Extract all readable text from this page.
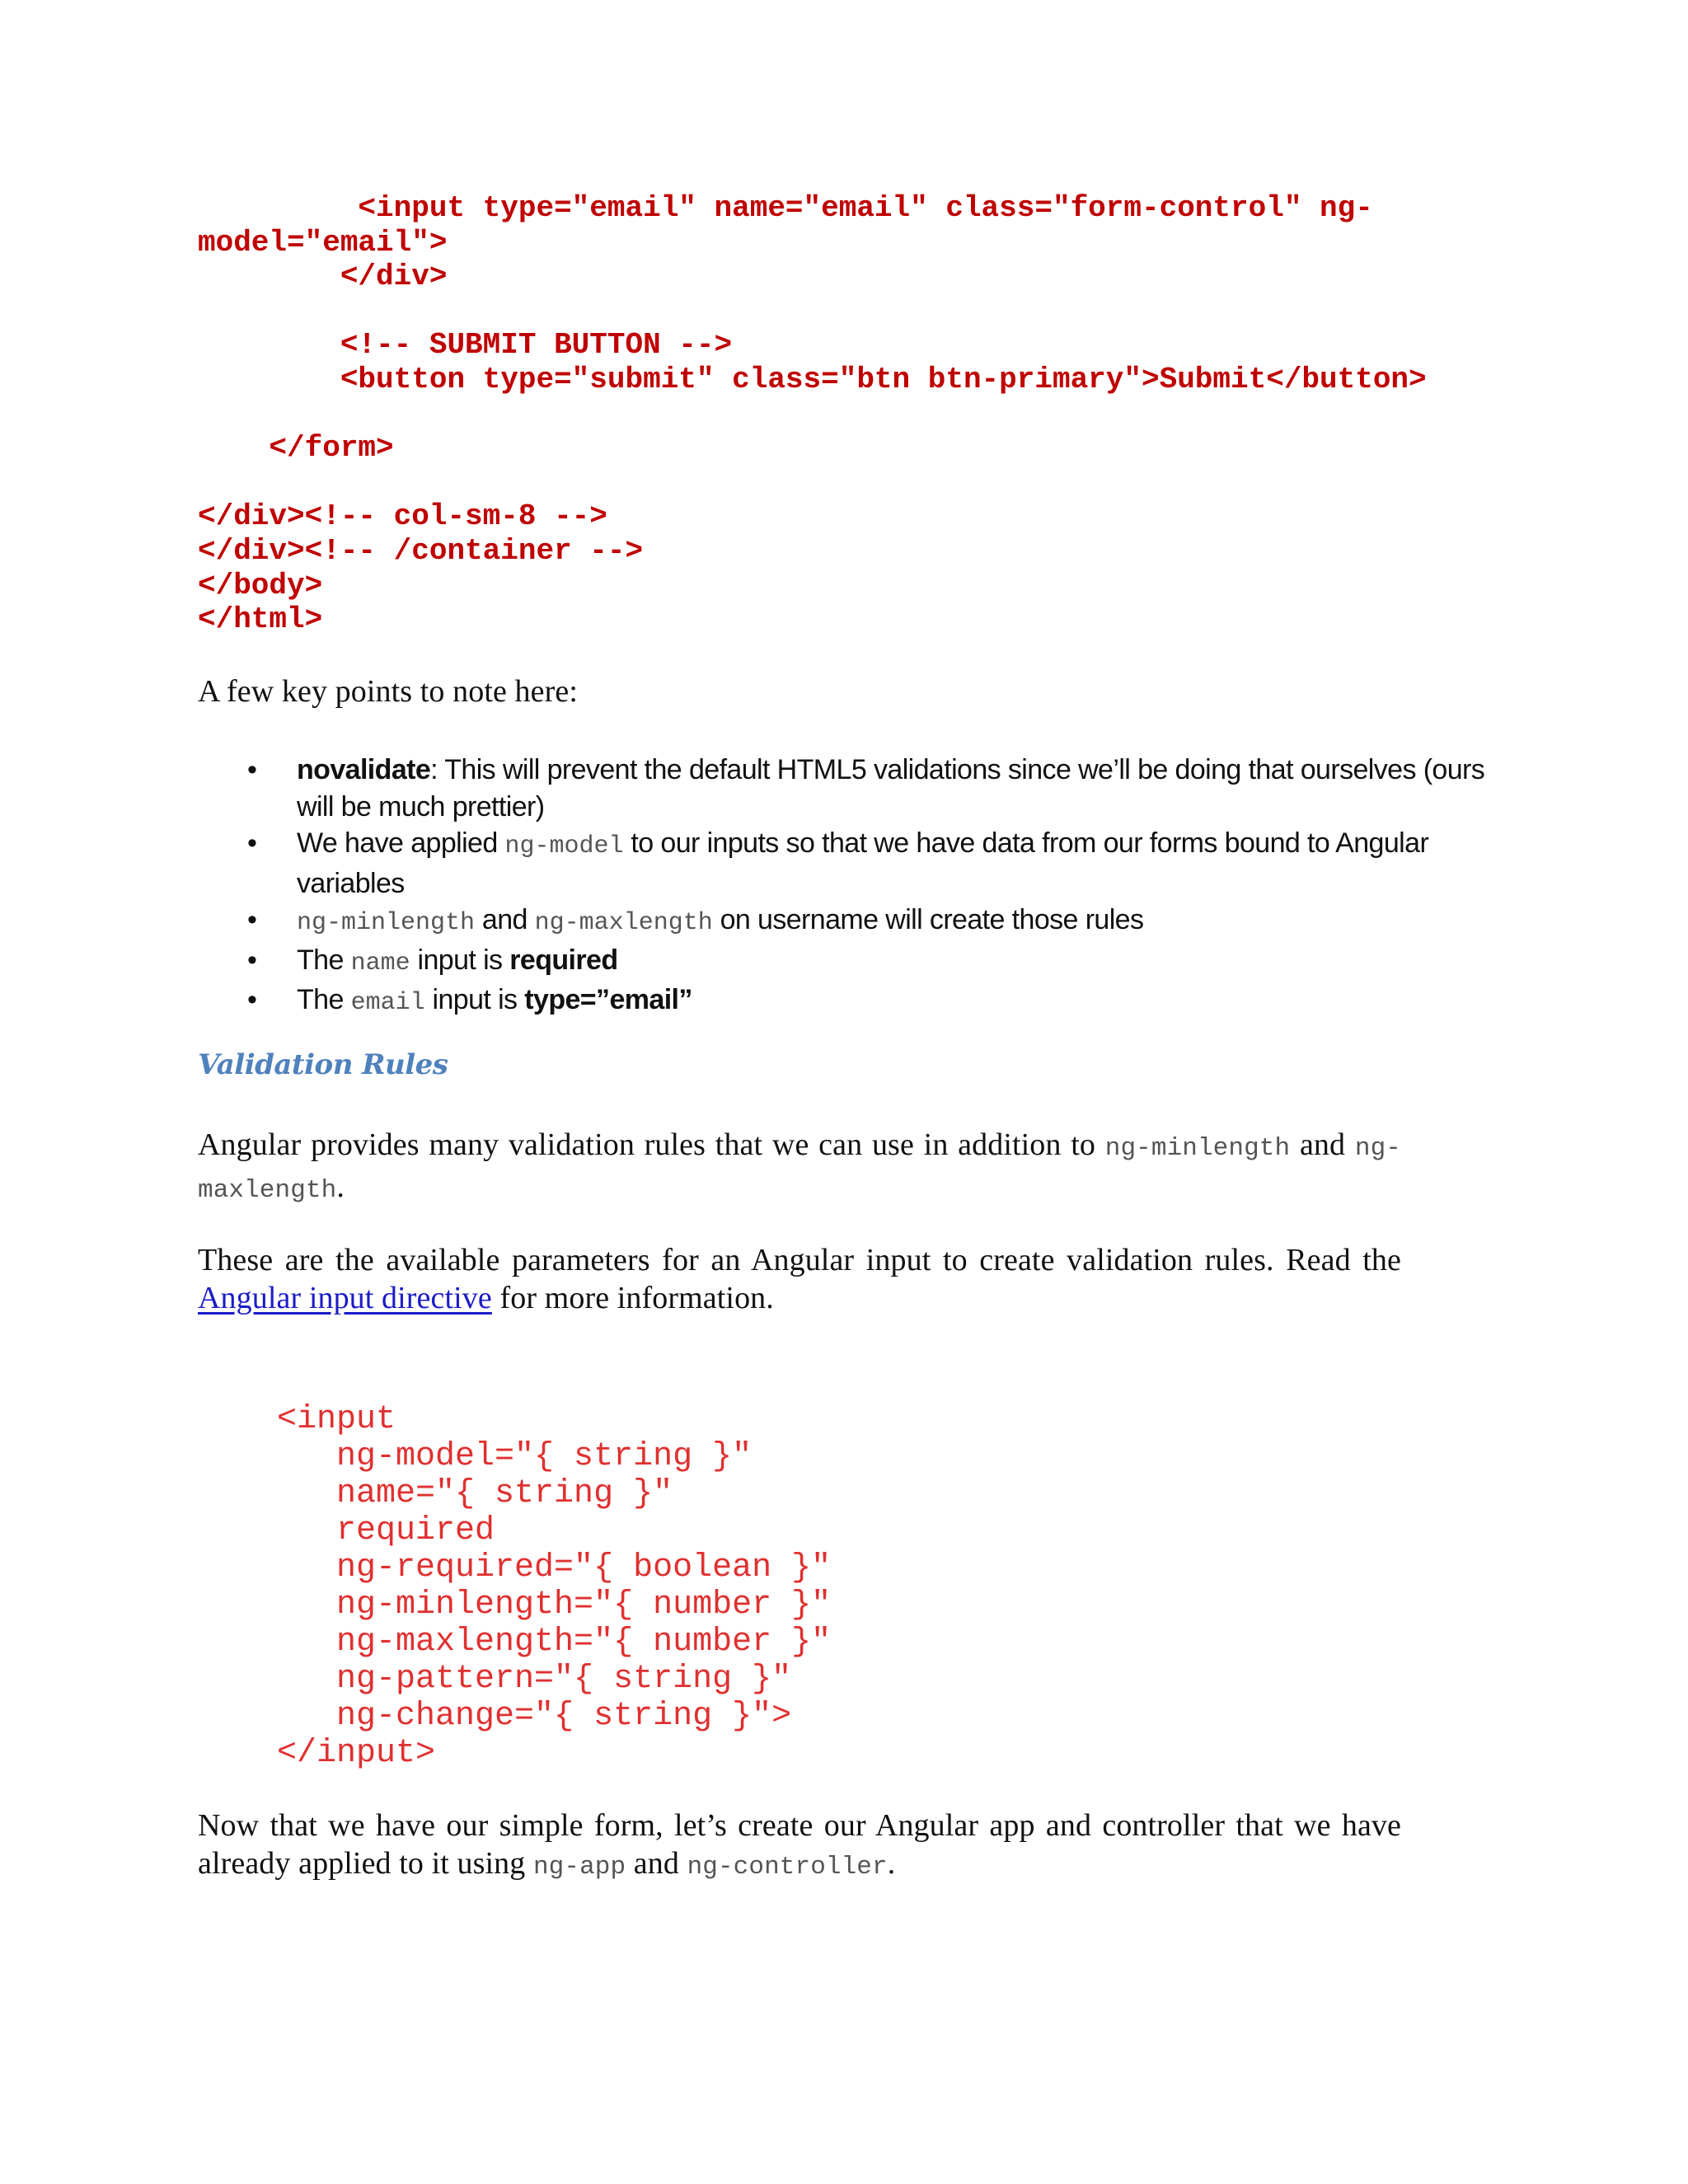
<input type="email" name="email" class="form-control" ng-
model="email">
</div>
<!-- SUBMIT BUTTON -->
<button type="submit" class="btn btn-primary">Submit</button>
</form>
</div><!-- col-sm-8 -->
</div><!-- /container -->
</body>
</html>

A few key points to note here:

• novalidate: This will prevent the default HTML5 validations since we’ll be doing that ourselves (ours will be much prettier)
• We have applied ng-model to our inputs so that we have data from our forms bound to Angular variables
• ng-minlength and ng-maxlength on username will create those rules
• The name input is required
• The email input is type=”email”
Validation Rules

Angular provides many validation rules that we can use in addition to ng-minlength and ng-maxlength.

These are the available parameters for an Angular input to create validation rules. Read the Angular input directive for more information.

<input
ng-model="{ string }"
name="{ string }"
required
ng-required="{ boolean }"
ng-minlength="{ number }"
ng-maxlength="{ number }"
ng-pattern="{ string }"
ng-change="{ string }">
</input>

Now that we have our simple form, let’s create our Angular app and controller that we have already applied to it using ng-app and ng-controller.
